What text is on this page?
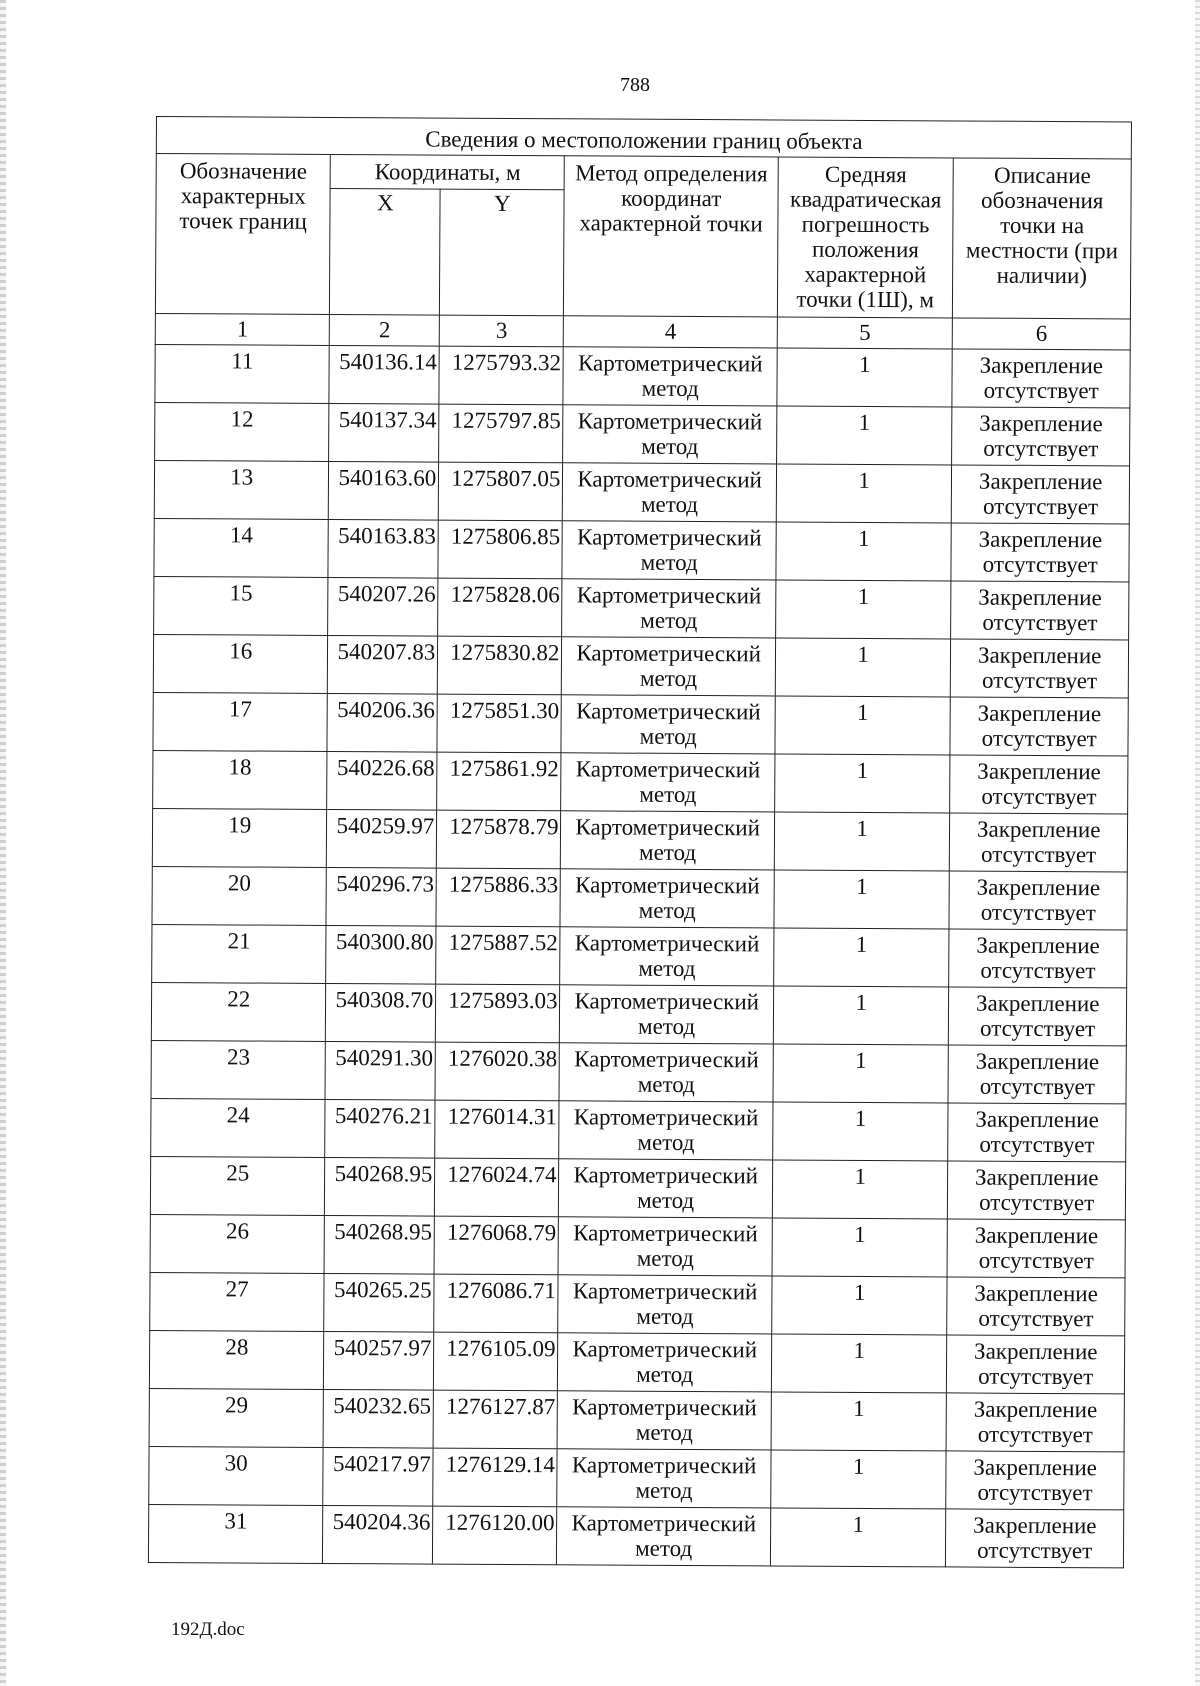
788
Сведения о местоположении границ объекта					
Обозначение характерных точек границ	Координаты, м		Метод определения координат характерной точки	Средняя квадратическая погрешность положения характерной точки (1Ш), м	Описание обозначения точки на местности (при наличии)
	X	Y			
1	2	3	4	5	6
11	540136.14	1275793.32	Картометрический метод	1	Закрепление отсутствует
12	540137.34	1275797.85	Картометрический метод	1	Закрепление отсутствует
13	540163.60	1275807.05	Картометрический метод	1	Закрепление отсутствует
14	540163.83	1275806.85	Картометрический метод	1	Закрепление отсутствует
15	540207.26	1275828.06	Картометрический метод	1	Закрепление отсутствует
16	540207.83	1275830.82	Картометрический метод	1	Закрепление отсутствует
17	540206.36	1275851.30	Картометрический метод	1	Закрепление отсутствует
18	540226.68	1275861.92	Картометрический метод	1	Закрепление отсутствует
19	540259.97	1275878.79	Картометрический метод	1	Закрепление отсутствует
20	540296.73	1275886.33	Картометрический метод	1	Закрепление отсутствует
21	540300.80	1275887.52	Картометрический метод	1	Закрепление отсутствует
22	540308.70	1275893.03	Картометрический метод	1	Закрепление отсутствует
23	540291.30	1276020.38	Картометрический метод	1	Закрепление отсутствует
24	540276.21	1276014.31	Картометрический метод	1	Закрепление отсутствует
25	540268.95	1276024.74	Картометрический метод	1	Закрепление отсутствует
26	540268.95	1276068.79	Картометрический метод	1	Закрепление отсутствует
27	540265.25	1276086.71	Картометрический метод	1	Закрепление отсутствует
28	540257.97	1276105.09	Картометрический метод	1	Закрепление отсутствует
29	540232.65	1276127.87	Картометрический метод	1	Закрепление отсутствует
30	540217.97	1276129.14	Картометрический метод	1	Закрепление отсутствует
31	540204.36	1276120.00	Картометрический метод	1	Закрепление отсутствует
192Д.doc
